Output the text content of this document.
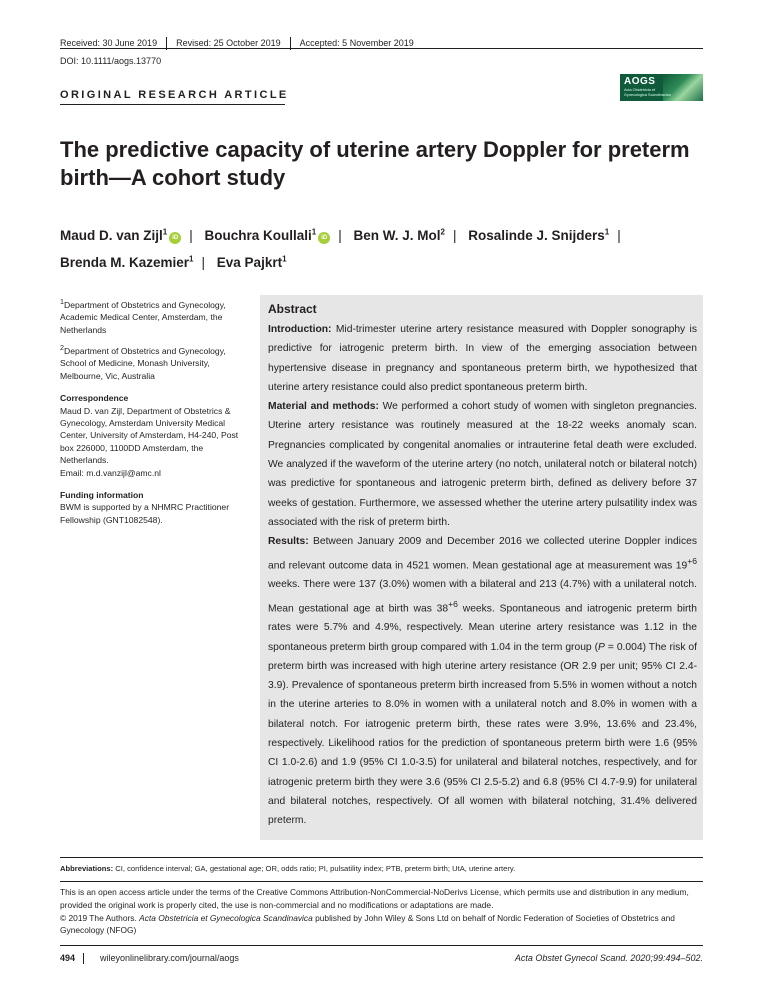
Received: 30 June 2019 Revised: 25 October 2019 Accepted: 5 November 2019
DOI: 10.1111/aogs.13770
ORIGINAL RESEARCH ARTICLE
AOGS
Acta Obstetricia et Gynecologica Scandinavica
The predictive capacity of uterine artery Doppler for preterm birth—A cohort study
Maud D. van Zijl$^1$iD | Bouchra Koullali$^1$iD | Ben W. J. Mol$^2$ | Rosalinde J. Snijders$^1$ |
Brenda M. Kazemier$^1$ | Eva Pajkrt$^1$

$^1$Department of Obstetrics and Gynecology, Academic Medical Center, Amsterdam, the Netherlands

$^2$Department of Obstetrics and Gynecology, School of Medicine, Monash University, Melbourne, Vic, Australia

Correspondence

Maud D. van Zijl, Department of Obstetrics & Gynecology, Amsterdam University Medical Center, University of Amsterdam, H4-240, Post box 226000, 1100DD Amsterdam, the Netherlands.

Email: m.d.vanzijl@amc.nl

Funding information

BWM is supported by a NHMRC Practitioner Fellowship (GNT1082548).

Abstract

Introduction: Mid-trimester uterine artery resistance measured with Doppler sonography is predictive for iatrogenic preterm birth. In view of the emerging association between hypertensive disease in pregnancy and spontaneous preterm birth, we hypothesized that uterine artery resistance could also predict spontaneous preterm birth.

Material and methods: We performed a cohort study of women with singleton pregnancies. Uterine artery resistance was routinely measured at the 18-22 weeks anomaly scan. Pregnancies complicated by congenital anomalies or intrauterine fetal death were excluded. We analyzed if the waveform of the uterine artery (no notch, unilateral notch or bilateral notch) was predictive for spontaneous and iatrogenic preterm birth, defined as delivery before 37 weeks of gestation. Furthermore, we assessed whether the uterine artery pulsatility index was associated with the risk of preterm birth.

Results: Between January 2009 and December 2016 we collected uterine Doppler indices and relevant outcome data in 4521 women. Mean gestational age at measurement was $19^{+6}$ weeks. There were 137 (3.0%) women with a bilateral and 213 (4.7%) with a unilateral notch. Mean gestational age at birth was $38^{+6}$ weeks. Spontaneous and iatrogenic preterm birth rates were 5.7% and 4.9%, respectively. Mean uterine artery resistance was 1.12 in the spontaneous preterm birth group compared with 1.04 in the term group (P = 0.004) The risk of preterm birth was increased with high uterine artery resistance (OR 2.9 per unit; 95% CI 2.4-3.9). Prevalence of spontaneous preterm birth increased from 5.5% in women without a notch in the uterine arteries to 8.0% in women with a unilateral notch and 8.0% in women with a bilateral notch. For iatrogenic preterm birth, these rates were 3.9%, 13.6% and 23.4%, respectively. Likelihood ratios for the prediction of spontaneous preterm birth were 1.6 (95% CI 1.0-2.6) and 1.9 (95% CI 1.0-3.5) for unilateral and bilateral notches, respectively, and for iatrogenic preterm birth they were 3.6 (95% CI 2.5-5.2) and 6.8 (95% CI 4.7-9.9) for unilateral and bilateral notches, respectively. Of all women with bilateral notching, 31.4% delivered preterm.

Abbreviations: CI, confidence interval; GA, gestational age; OR, odds ratio; PI, pulsatility index; PTB, preterm birth; UtA, uterine artery.

This is an open access article under the terms of the Creative Commons Attribution-NonCommercial-NoDerivs License, which permits use and distribution in any medium, provided the original work is properly cited, the use is non-commercial and no modifications or adaptations are made.

© 2019 The Authors. Acta Obstetricia et Gynecologica Scandinavica published by John Wiley & Sons Ltd on behalf of Nordic Federation of Societies of Obstetrics and Gynecology (NFOG)

494	wileyonlinelibrary.com/journal/aogs	Acta Obstet Gynecol Scand. 2020;99:494–502.
